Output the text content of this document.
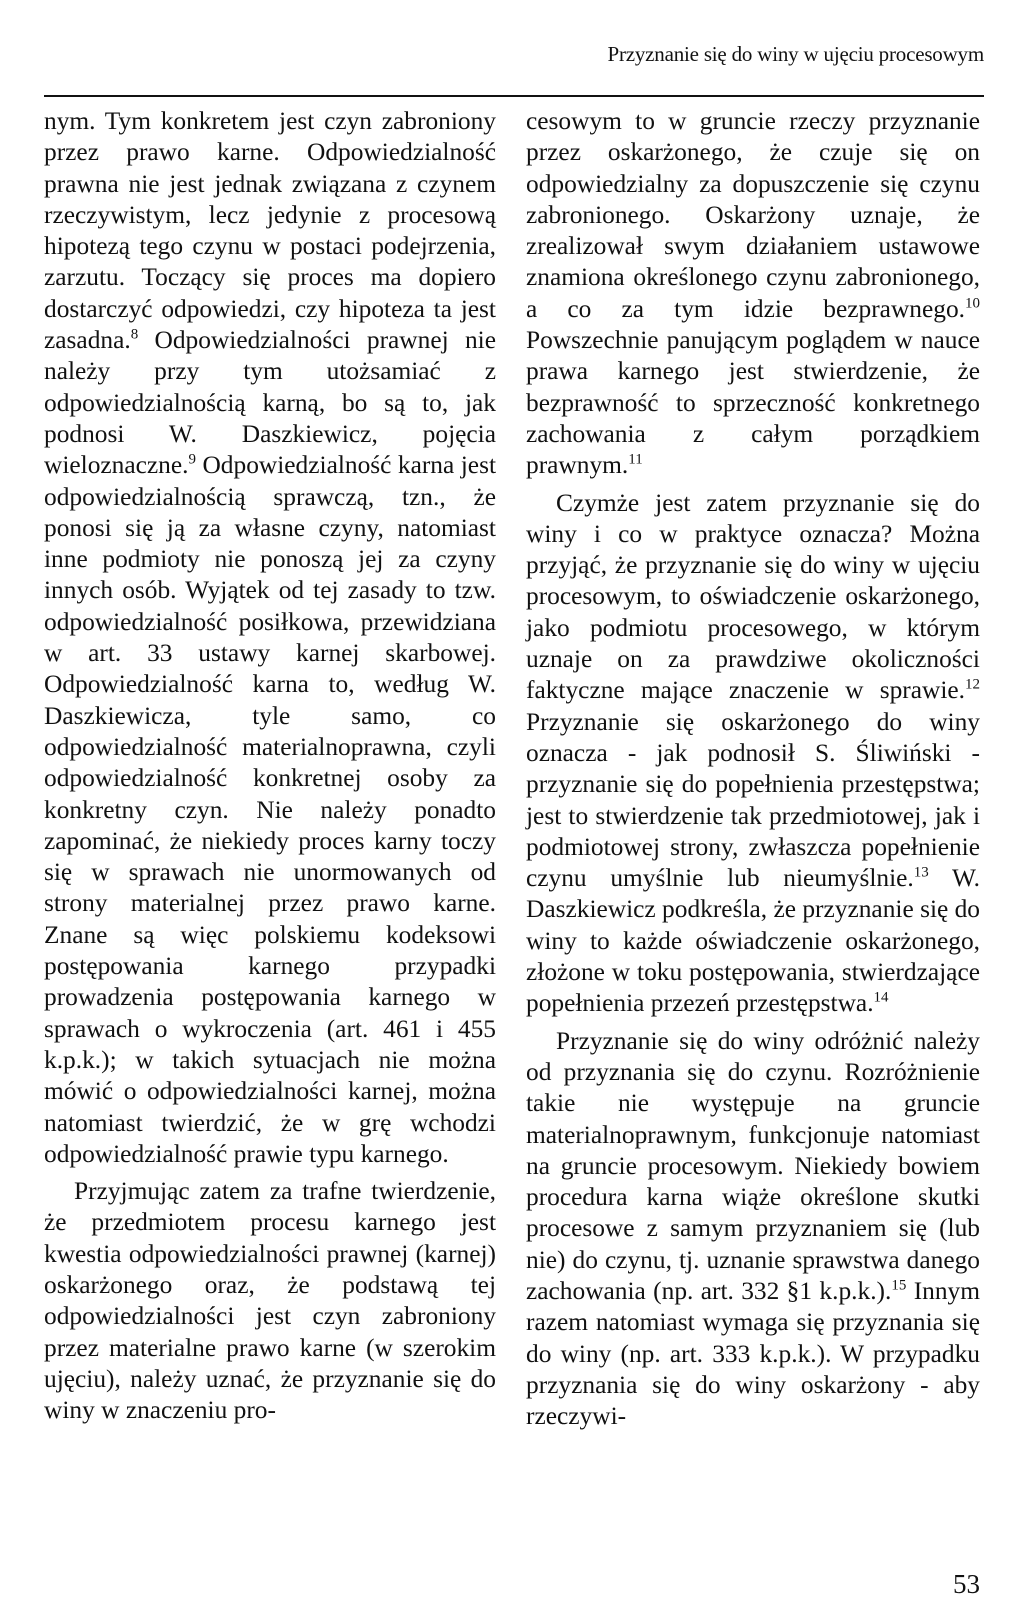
Przyznanie się do winy w ujęciu procesowym

nym. Tym konkretem jest czyn zabroniony przez prawo karne. Odpowiedzialność prawna nie jest jednak związana z czynem rzeczywistym, lecz jedynie z procesową hipotezą tego czynu w postaci podejrzenia, zarzutu. Toczący się proces ma dopiero dostarczyć odpowiedzi, czy hipoteza ta jest zasadna.$^8$ Odpowiedzialności prawnej nie należy przy tym utożsamiać z odpowiedzialnością karną, bo są to, jak podnosi W. Daszkiewicz, pojęcia wieloznaczne.$^9$ Odpowiedzialność karna jest odpowiedzialnością sprawczą, tzn., że ponosi się ją za własne czyny, natomiast inne podmioty nie ponoszą jej za czyny innych osób. Wyjątek od tej zasady to tzw. odpowiedzialność posiłkowa, przewidziana w art. 33 ustawy karnej skarbowej. Odpowiedzialność karna to, według W. Daszkiewicza, tyle samo, co odpowiedzialność materialnoprawna, czyli odpowiedzialność konkretnej osoby za konkretny czyn. Nie należy ponadto zapominać, że niekiedy proces karny toczy się w sprawach nie unormowanych od strony materialnej przez prawo karne. Znane są więc polskiemu kodeksowi postępowania karnego przypadki prowadzenia postępowania karnego w sprawach o wykroczenia (art. 461 i 455 k.p.k.); w takich sytuacjach nie można mówić o odpowiedzialności karnej, można natomiast twierdzić, że w grę wchodzi odpowiedzialność prawie typu karnego.

Przyjmując zatem za trafne twierdzenie, że przedmiotem procesu karnego jest kwestia odpowiedzialności prawnej (karnej) oskarżonego oraz, że podstawą tej odpowiedzialności jest czyn zabroniony przez materialne prawo karne (w szerokim ujęciu), należy uznać, że przyznanie się do winy w znaczeniu pro-

cesowym to w gruncie rzeczy przyznanie przez oskarżonego, że czuje się on odpowiedzialny za dopuszczenie się czynu zabronionego. Oskarżony uznaje, że zrealizował swym działaniem ustawowe znamiona określonego czynu zabronionego, a co za tym idzie bezprawnego.$^{10}$ Powszechnie panującym poglądem w nauce prawa karnego jest stwierdzenie, że bezprawność to sprzeczność konkretnego zachowania z całym porządkiem prawnym.$^{11}$

Czymże jest zatem przyznanie się do winy i co w praktyce oznacza? Można przyjąć, że przyznanie się do winy w ujęciu procesowym, to oświadczenie oskarżonego, jako podmiotu procesowego, w którym uznaje on za prawdziwe okoliczności faktyczne mające znaczenie w sprawie.$^{12}$ Przyznanie się oskarżonego do winy oznacza - jak podnosił S. Śliwiński - przyznanie się do popełnienia przestępstwa; jest to stwierdzenie tak przedmiotowej, jak i podmiotowej strony, zwłaszcza popełnienie czynu umyślnie lub nieumyślnie.$^{13}$ W. Daszkiewicz podkreśla, że przyznanie się do winy to każde oświadczenie oskarżonego, złożone w toku postępowania, stwierdzające popełnienia przezeń przestępstwa.$^{14}$

Przyznanie się do winy odróżnić należy od przyznania się do czynu. Rozróżnienie takie nie występuje na gruncie materialnoprawnym, funkcjonuje natomiast na gruncie procesowym. Niekiedy bowiem procedura karna wiąże określone skutki procesowe z samym przyznaniem się (lub nie) do czynu, tj. uznanie sprawstwa danego zachowania (np. art. 332 §1 k.p.k.).$^{15}$ Innym razem natomiast wymaga się przyznania się do winy (np. art. 333 k.p.k.). W przypadku przyznania się do winy oskarżony - aby rzeczywi-

53
